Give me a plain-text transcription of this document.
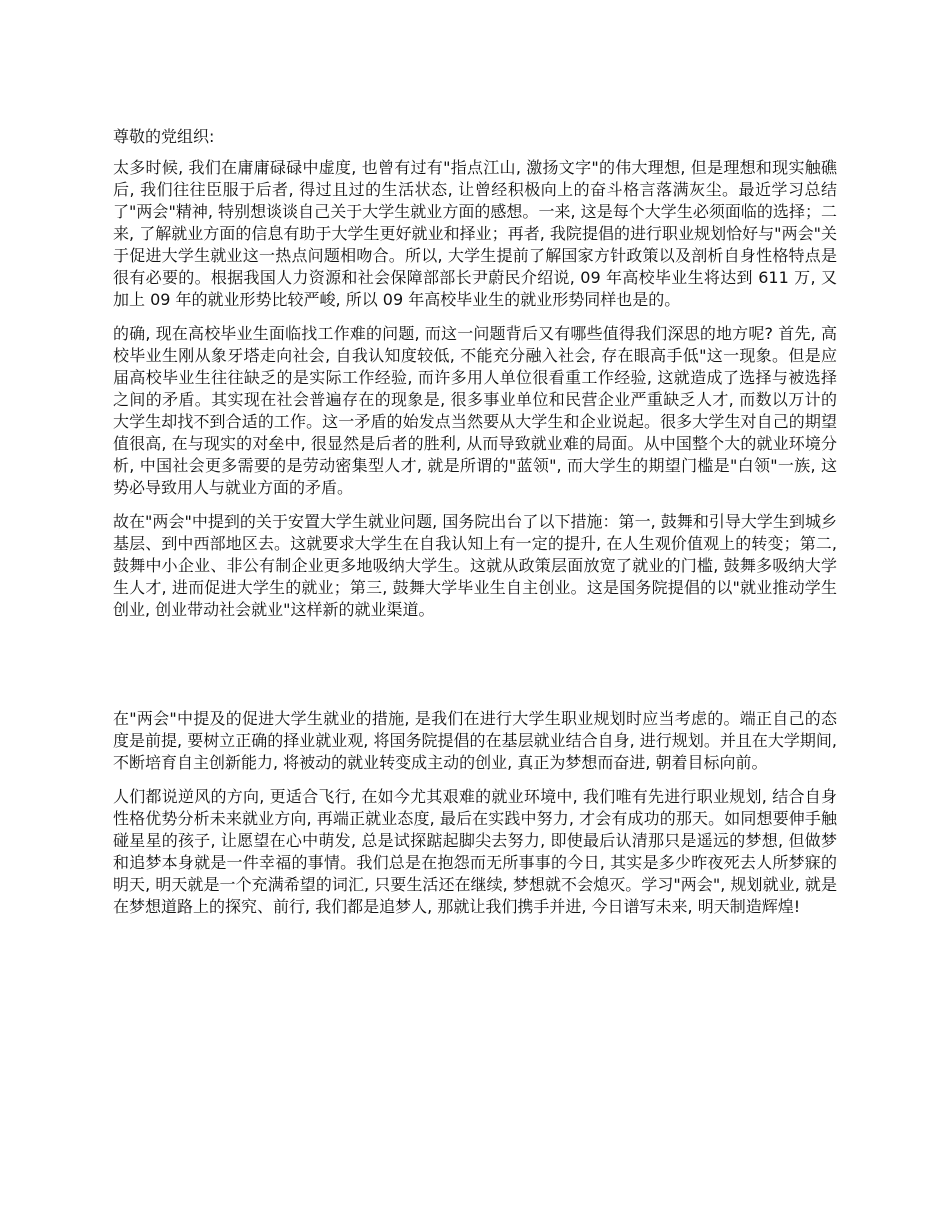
尊敬的党组织:

太多时候, 我们在庸庸碌碌中虚度, 也曾有过有"指点江山, 激扬文字"的伟大理想, 但是理想和现实触礁后, 我们往往臣服于后者, 得过且过的生活状态, 让曾经积极向上的奋斗格言落满灰尘。最近学习总结了"两会"精神, 特别想谈谈自己关于大学生就业方面的感想。一来, 这是每个大学生必须面临的选择；二来, 了解就业方面的信息有助于大学生更好就业和择业；再者, 我院提倡的进行职业规划恰好与"两会"关于促进大学生就业这一热点问题相吻合。所以, 大学生提前了解国家方针政策以及剖析自身性格特点是很有必要的。根据我国人力资源和社会保障部部长尹蔚民介绍说, 09 年高校毕业生将达到 611 万, 又加上 09 年的就业形势比较严峻, 所以 09 年高校毕业生的就业形势同样也是的。

的确, 现在高校毕业生面临找工作难的问题, 而这一问题背后又有哪些值得我们深思的地方呢? 首先, 高校毕业生刚从象牙塔走向社会, 自我认知度较低, 不能充分融入社会, 存在眼高手低"这一现象。但是应届高校毕业生往往缺乏的是实际工作经验, 而许多用人单位很看重工作经验, 这就造成了选择与被选择之间的矛盾。其实现在社会普遍存在的现象是, 很多事业单位和民营企业严重缺乏人才, 而数以万计的大学生却找不到合适的工作。这一矛盾的始发点当然要从大学生和企业说起。很多大学生对自己的期望值很高, 在与现实的对垒中, 很显然是后者的胜利, 从而导致就业难的局面。从中国整个大的就业环境分析, 中国社会更多需要的是劳动密集型人才, 就是所谓的"蓝领", 而大学生的期望门槛是"白领"一族, 这势必导致用人与就业方面的矛盾。

故在"两会"中提到的关于安置大学生就业问题, 国务院出台了以下措施：第一, 鼓舞和引导大学生到城乡基层、到中西部地区去。这就要求大学生在自我认知上有一定的提升, 在人生观价值观上的转变；第二, 鼓舞中小企业、非公有制企业更多地吸纳大学生。这就从政策层面放宽了就业的门槛, 鼓舞多吸纳大学生人才, 进而促进大学生的就业；第三, 鼓舞大学毕业生自主创业。这是国务院提倡的以"就业推动学生创业, 创业带动社会就业"这样新的就业渠道。

在"两会"中提及的促进大学生就业的措施, 是我们在进行大学生职业规划时应当考虑的。端正自己的态度是前提, 要树立正确的择业就业观, 将国务院提倡的在基层就业结合自身, 进行规划。并且在大学期间, 不断培育自主创新能力, 将被动的就业转变成主动的创业, 真正为梦想而奋进, 朝着目标向前。

人们都说逆风的方向, 更适合飞行, 在如今尤其艰难的就业环境中, 我们唯有先进行职业规划, 结合自身性格优势分析未来就业方向, 再端正就业态度, 最后在实践中努力, 才会有成功的那天。如同想要伸手触碰星星的孩子, 让愿望在心中萌发, 总是试探踮起脚尖去努力, 即使最后认清那只是遥远的梦想, 但做梦和追梦本身就是一件幸福的事情。我们总是在抱怨而无所事事的今日, 其实是多少昨夜死去人所梦寐的明天, 明天就是一个充满希望的词汇, 只要生活还在继续, 梦想就不会熄灭。学习"两会", 规划就业, 就是在梦想道路上的探究、前行, 我们都是追梦人, 那就让我们携手并进, 今日谱写未来, 明天制造辉煌!
